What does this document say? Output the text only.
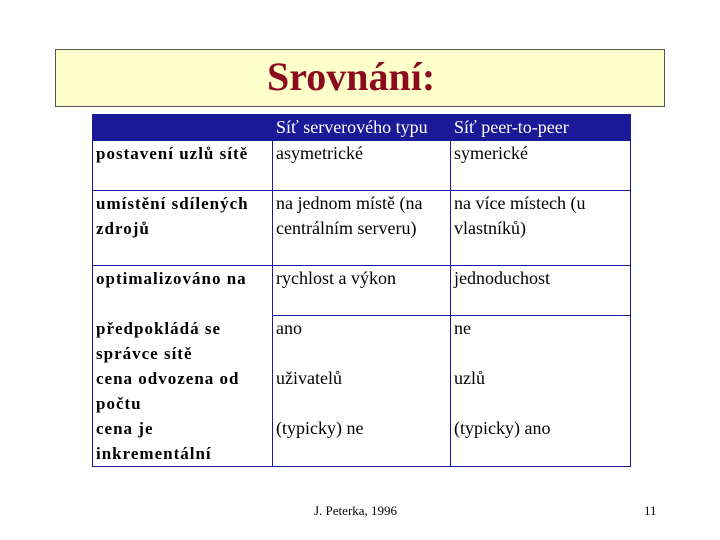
Srovnání:
	Síť serverového typu	Síť peer-to-peer
postavení uzlů sítě	asymetrické	symerické
umístění sdílených zdrojů	na jednom místě (na centrálním serveru)	na více místech (u vlastníků)
optimalizováno na	rychlost a výkon	jednoduchost
předpokládá se správce sítě	ano	ne
cena odvozena od počtu	uživatelů	uzlů
cena je inkrementální	(typicky) ne	(typicky) ano
J. Peterka, 1996	11
